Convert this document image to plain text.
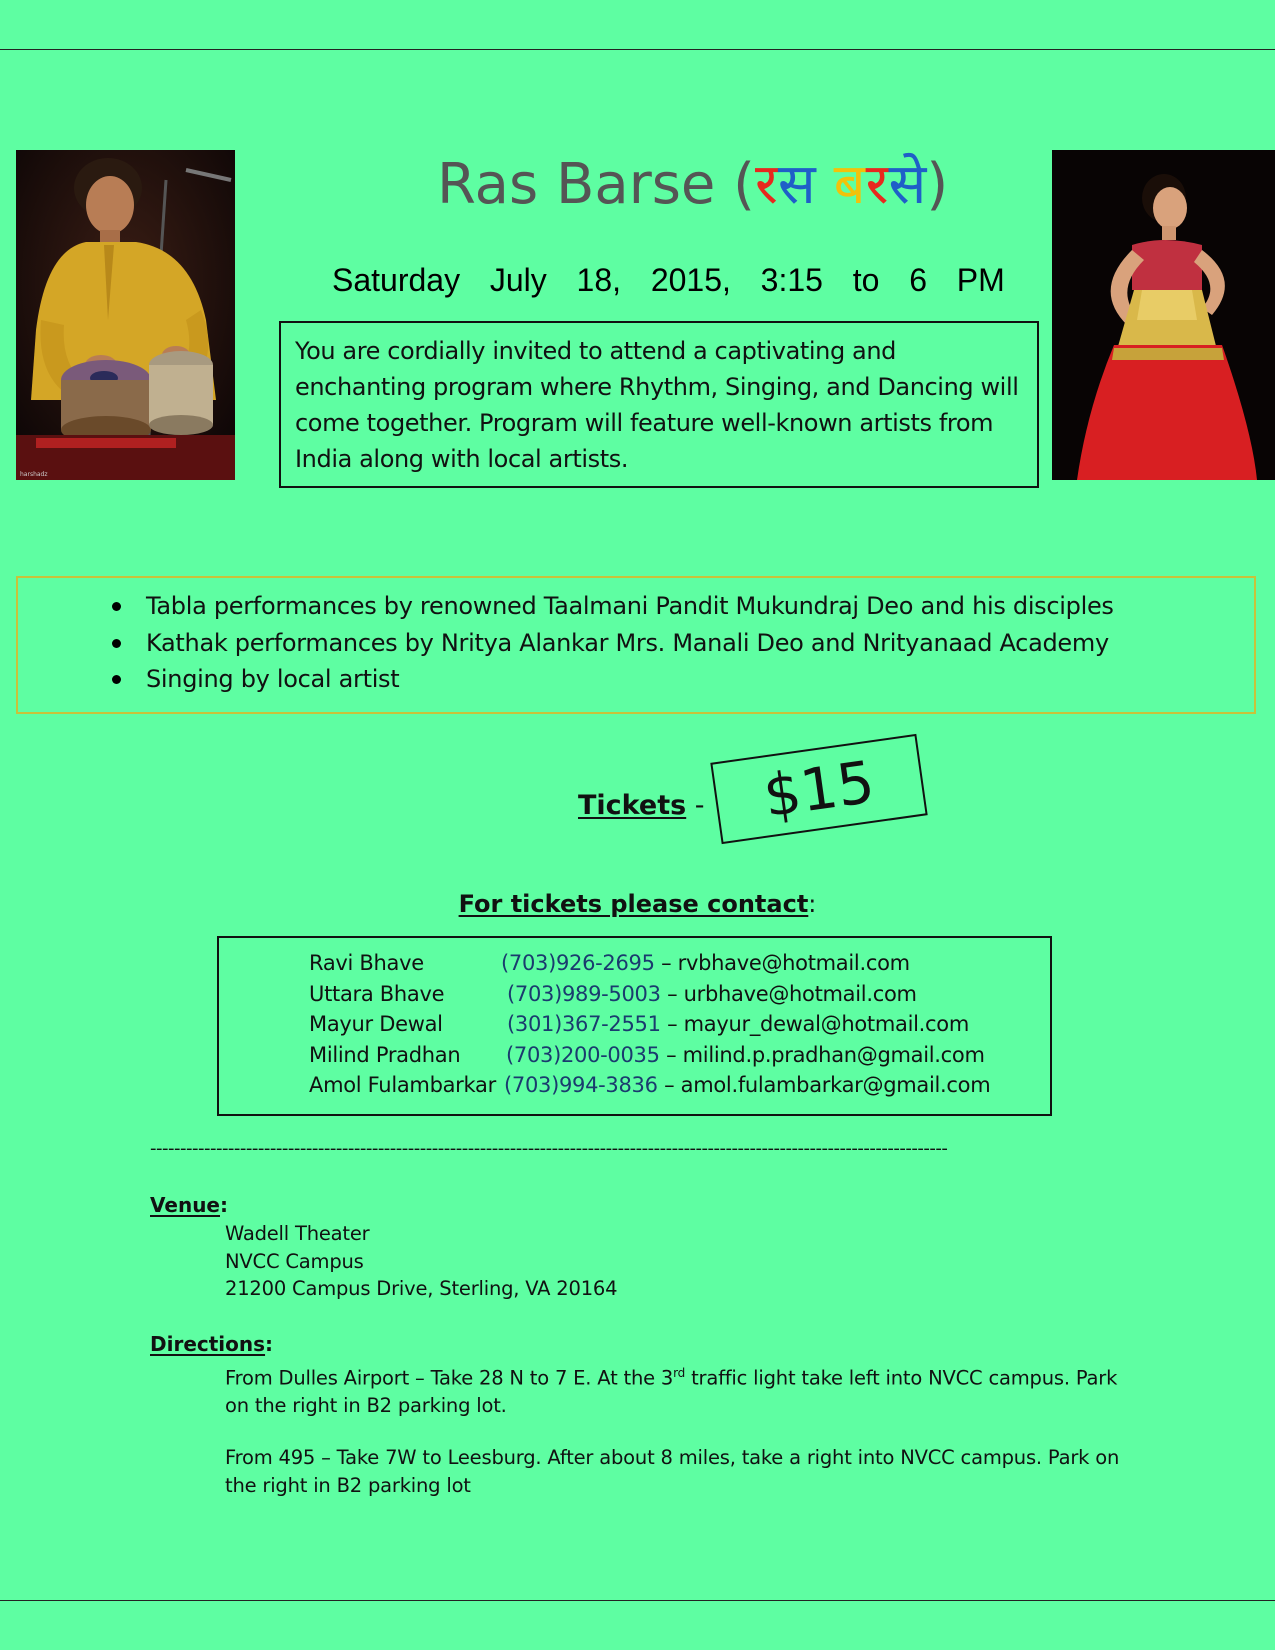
harshadz
Ras Barse (रस बरसे)
Saturday  July  18,  2015,  3:15  to  6  PM
You are cordially invited to attend a captivating and enchanting program where Rhythm, Singing, and Dancing will come together. Program will feature well-known artists from India along with local artists.
Tabla performances by renowned Taalmani Pandit Mukundraj Deo and his disciples
Kathak performances by Nritya Alankar Mrs. Manali Deo and Nrityanaad Academy
Singing by local artist
Tickets - $15
For tickets please contact:
Ravi Bhave	(703)926-2695 – rvbhave@hotmail.com
Uttara Bhave	(703)989-5003 – urbhave@hotmail.com
Mayur Dewal	(301)367-2551 – mayur_dewal@hotmail.com
Milind Pradhan (703)200-0035 – milind.p.pradhan@gmail.com
Amol Fulambarkar (703)994-3836 – amol.fulambarkar@gmail.com
-------------------------------------------------------------------------------------------------------------------------------------
Venue:
Wadell Theater
NVCC Campus
21200 Campus Drive, Sterling, VA 20164
Directions:
From Dulles Airport – Take 28 N to 7 E. At the 3rd traffic light take left into NVCC campus. Park on the right in B2 parking lot.
From 495 – Take 7W to Leesburg. After about 8 miles, take a right into NVCC campus. Park on the right in B2 parking lot
